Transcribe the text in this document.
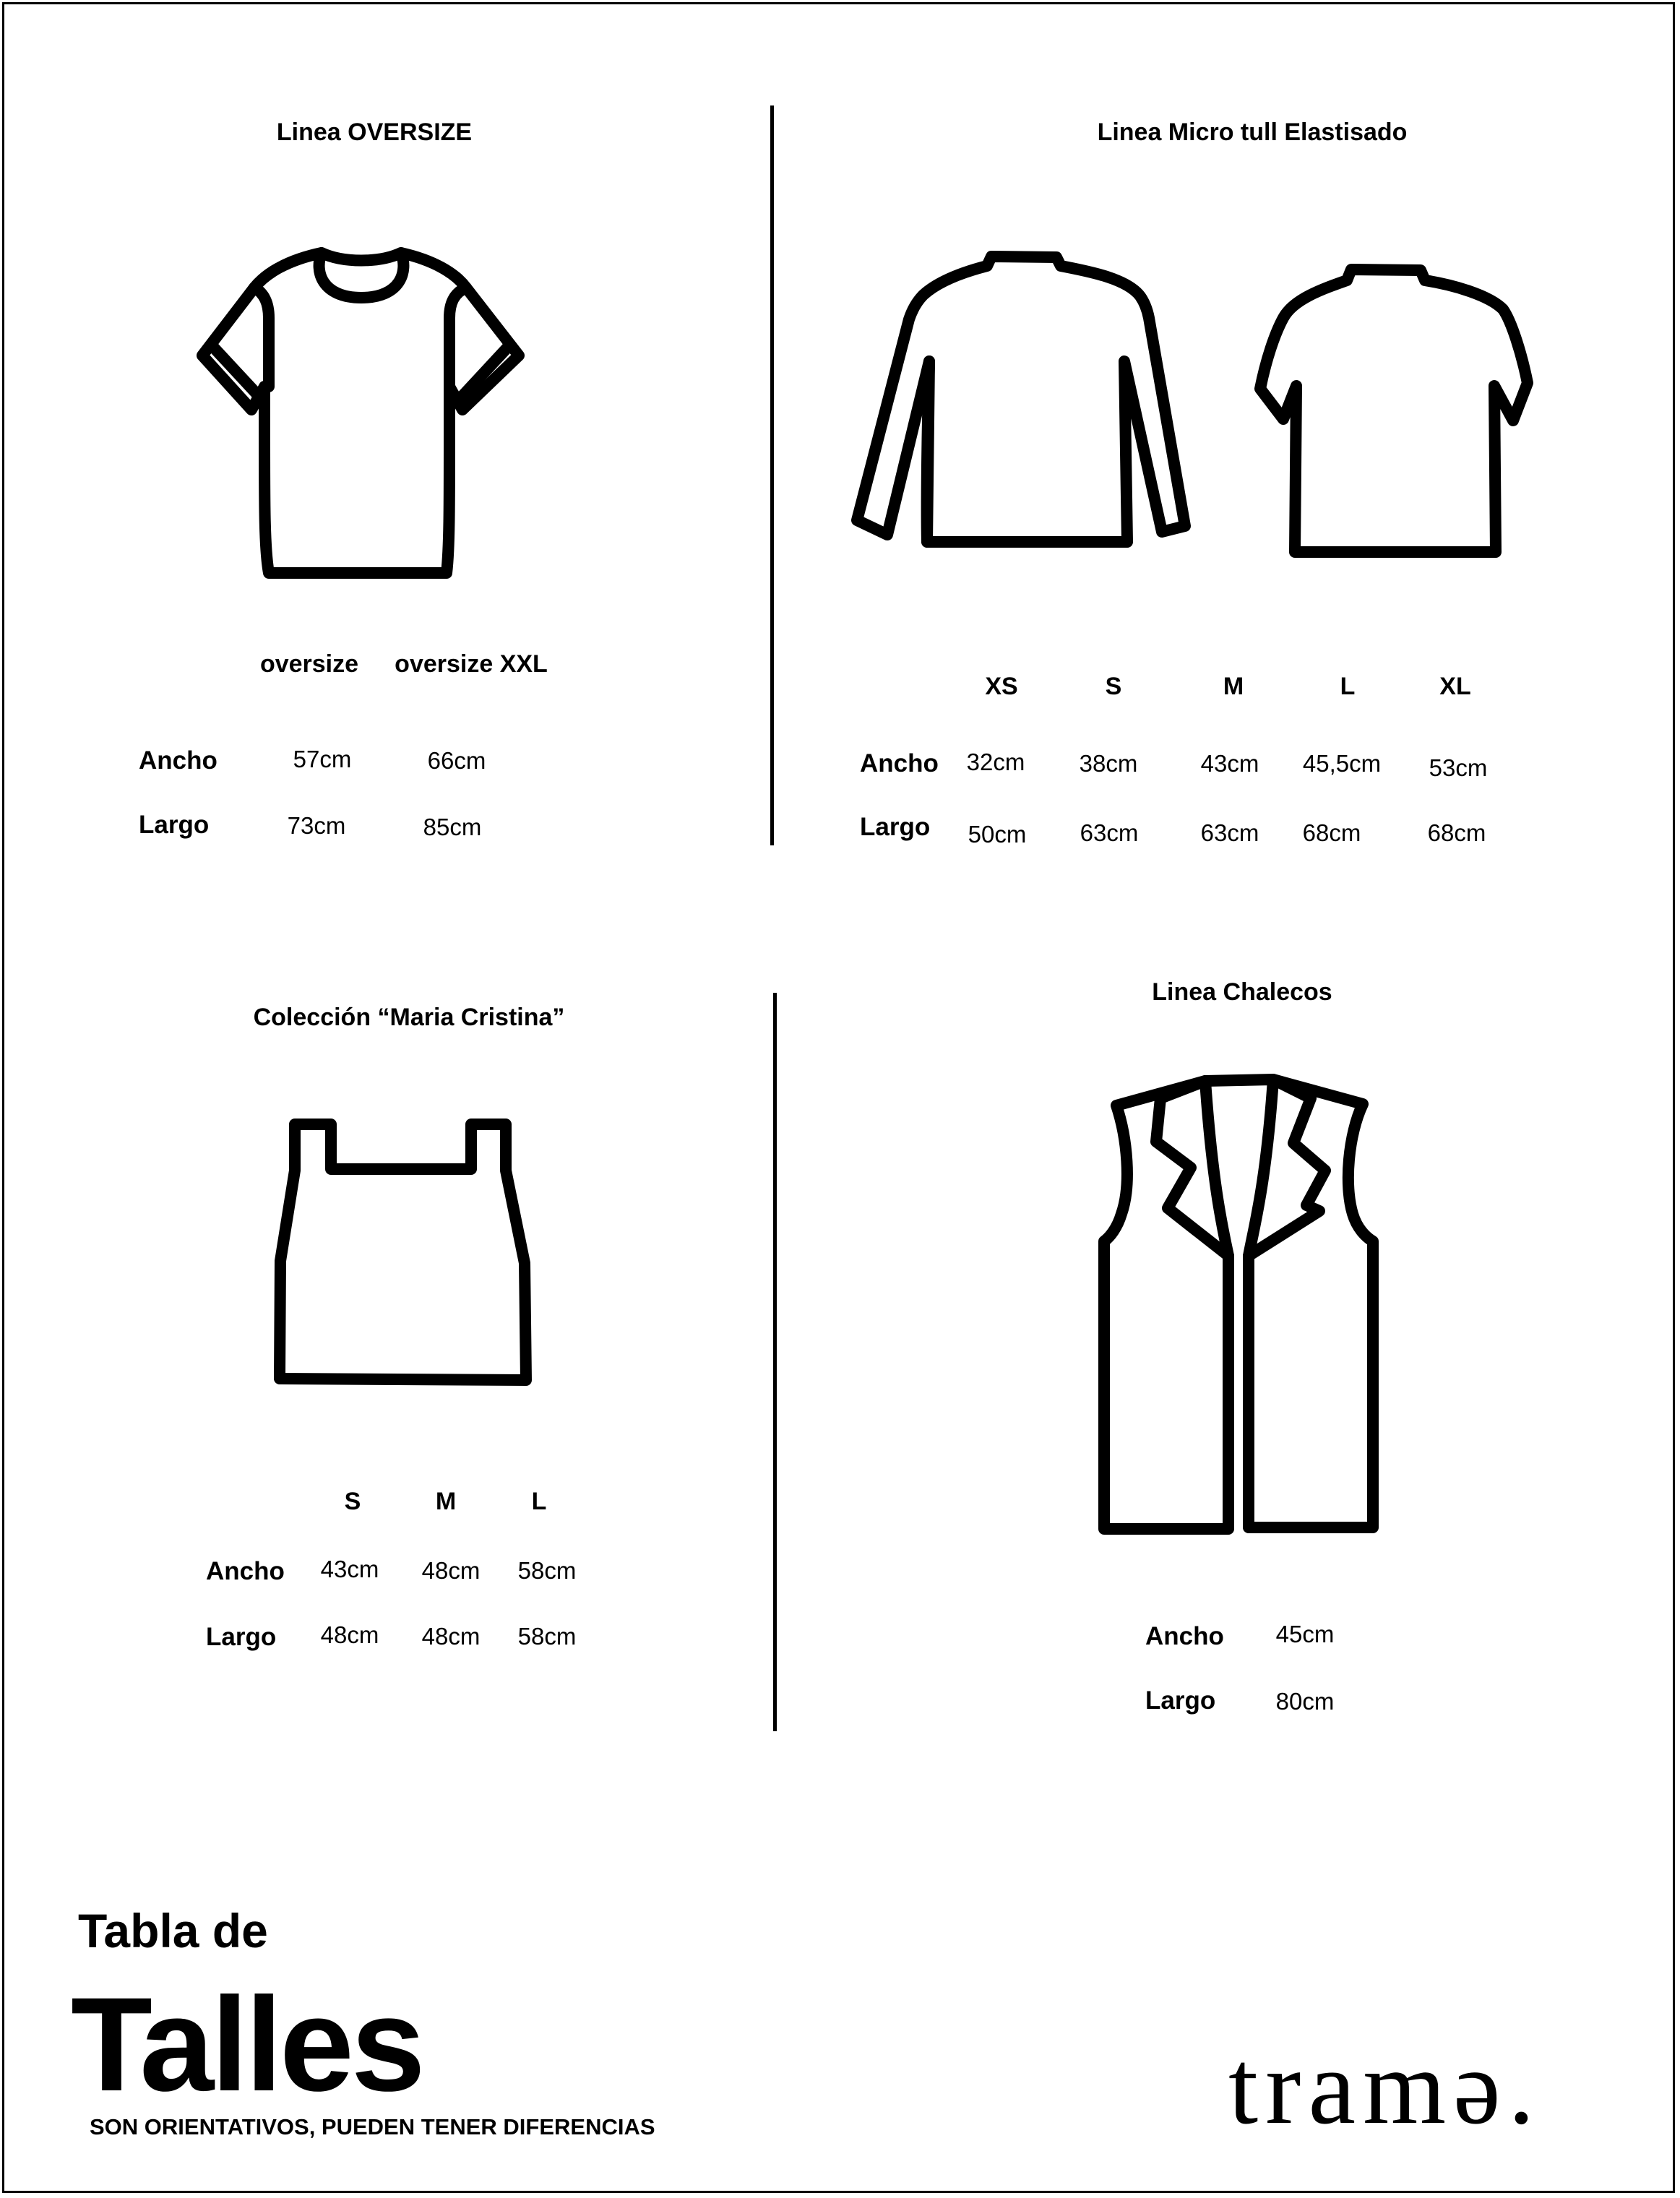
Linea OVERSIZE
oversize oversize XXL
Ancho	57cm	66cm
Largo	73cm	85cm
Linea Micro tull Elastisado
XS	S	M	L	XL
Ancho 32cm 38cm	43cm 45,5cm 53cm
Largo 50cm 63cm	63cm 68cm	68cm
Colección “Maria Cristina”
S	M	L
Ancho 43cm 48cm 58cm
Largo 48cm 48cm 58cm
Linea Chalecos
Ancho 45cm
Largo	80cm
Tabla de
Talles
SON ORIENTATIVOS, PUEDEN TENER DIFERENCIAS	tramǝ.
